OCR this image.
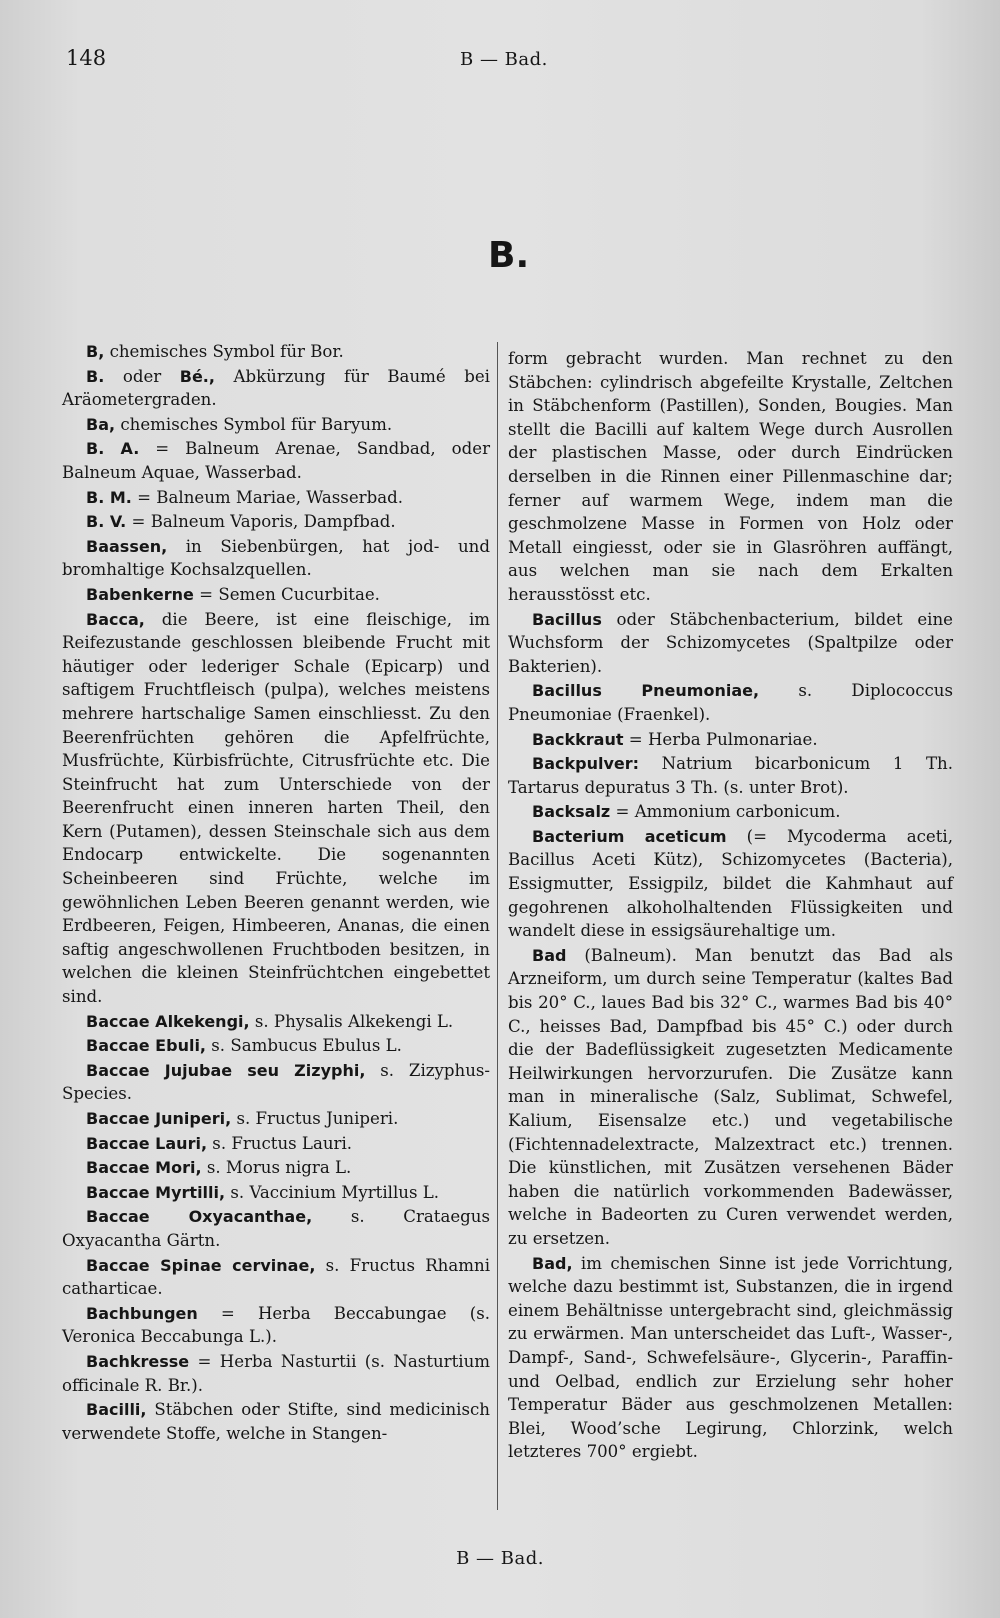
148	B — Bad.
B.

B, chemisches Symbol für Bor.

B. oder Bé., Abkürzung für Baumé bei Aräometergraden.

Ba, chemisches Symbol für Baryum.

B. A. = Balneum Arenae, Sandbad, oder Balneum Aquae, Wasserbad.

B. M. = Balneum Mariae, Wasserbad.

B. V. = Balneum Vaporis, Dampfbad.

Baassen, in Siebenbürgen, hat jod- und bromhaltige Kochsalzquellen.

Babenkerne = Semen Cucurbitae.

Bacca, die Beere, ist eine fleischige, im Reifezustande geschlossen bleibende Frucht mit häutiger oder lederiger Schale (Epicarp) und saftigem Fruchtfleisch (pulpa), welches meistens mehrere hartschalige Samen einschliesst. Zu den Beerenfrüchten gehören die Apfelfrüchte, Musfrüchte, Kürbisfrüchte, Citrusfrüchte etc. Die Steinfrucht hat zum Unterschiede von der Beerenfrucht einen inneren harten Theil, den Kern (Putamen), dessen Steinschale sich aus dem Endocarp entwickelte. Die sogenannten Scheinbeeren sind Früchte, welche im gewöhnlichen Leben Beeren genannt werden, wie Erdbeeren, Feigen, Himbeeren, Ananas, die einen saftig angeschwollenen Fruchtboden besitzen, in welchen die kleinen Steinfrüchtchen eingebettet sind.

Baccae Alkekengi, s. Physalis Alkekengi L.

Baccae Ebuli, s. Sambucus Ebulus L.

Baccae Jujubae seu Zizyphi, s. Zizyphus-Species.

Baccae Juniperi, s. Fructus Juniperi.

Baccae Lauri, s. Fructus Lauri.

Baccae Mori, s. Morus nigra L.

Baccae Myrtilli, s. Vaccinium Myrtillus L.

Baccae Oxyacanthae, s. Crataegus Oxyacantha Gärtn.

Baccae Spinae cervinae, s. Fructus Rhamni catharticae.

Bachbungen = Herba Beccabungae (s. Veronica Beccabunga L.).

Bachkresse = Herba Nasturtii (s. Nasturtium officinale R. Br.).

Bacilli, Stäbchen oder Stifte, sind medicinisch verwendete Stoffe, welche in Stangen-

form gebracht wurden. Man rechnet zu den Stäbchen: cylindrisch abgefeilte Krystalle, Zeltchen in Stäbchenform (Pastillen), Sonden, Bougies. Man stellt die Bacilli auf kaltem Wege durch Ausrollen der plastischen Masse, oder durch Eindrücken derselben in die Rinnen einer Pillenmaschine dar; ferner auf warmem Wege, indem man die geschmolzene Masse in Formen von Holz oder Metall eingiesst, oder sie in Glasröhren auffängt, aus welchen man sie nach dem Erkalten herausstösst etc.

Bacillus oder Stäbchenbacterium, bildet eine Wuchsform der Schizomycetes (Spaltpilze oder Bakterien).

Bacillus Pneumoniae, s. Diplococcus Pneumoniae (Fraenkel).

Backkraut = Herba Pulmonariae.

Backpulver: Natrium bicarbonicum 1 Th. Tartarus depuratus 3 Th. (s. unter Brot).

Backsalz = Ammonium carbonicum.

Bacterium aceticum (= Mycoderma aceti, Bacillus Aceti Kütz), Schizomycetes (Bacteria), Essigmutter, Essigpilz, bildet die Kahmhaut auf gegohrenen alkoholhaltenden Flüssigkeiten und wandelt diese in essigsäurehaltige um.

Bad (Balneum). Man benutzt das Bad als Arzneiform, um durch seine Temperatur (kaltes Bad bis 20° C., laues Bad bis 32° C., warmes Bad bis 40° C., heisses Bad, Dampfbad bis 45° C.) oder durch die der Badeflüssigkeit zugesetzten Medicamente Heilwirkungen hervorzurufen. Die Zusätze kann man in mineralische (Salz, Sublimat, Schwefel, Kalium, Eisensalze etc.) und vegetabilische (Fichtennadelextracte, Malzextract etc.) trennen. Die künstlichen, mit Zusätzen versehenen Bäder haben die natürlich vorkommenden Badewässer, welche in Badeorten zu Curen verwendet werden, zu ersetzen.

Bad, im chemischen Sinne ist jede Vorrichtung, welche dazu bestimmt ist, Substanzen, die in irgend einem Behältnisse untergebracht sind, gleichmässig zu erwärmen. Man unterscheidet das Luft-, Wasser-, Dampf-, Sand-, Schwefelsäure-, Glycerin-, Paraffin- und Oelbad, endlich zur Erzielung sehr hoher Temperatur Bäder aus geschmolzenen Metallen: Blei, Wood’sche Legirung, Chlorzink, welch letzteres 700° ergiebt.

B — Bad.
